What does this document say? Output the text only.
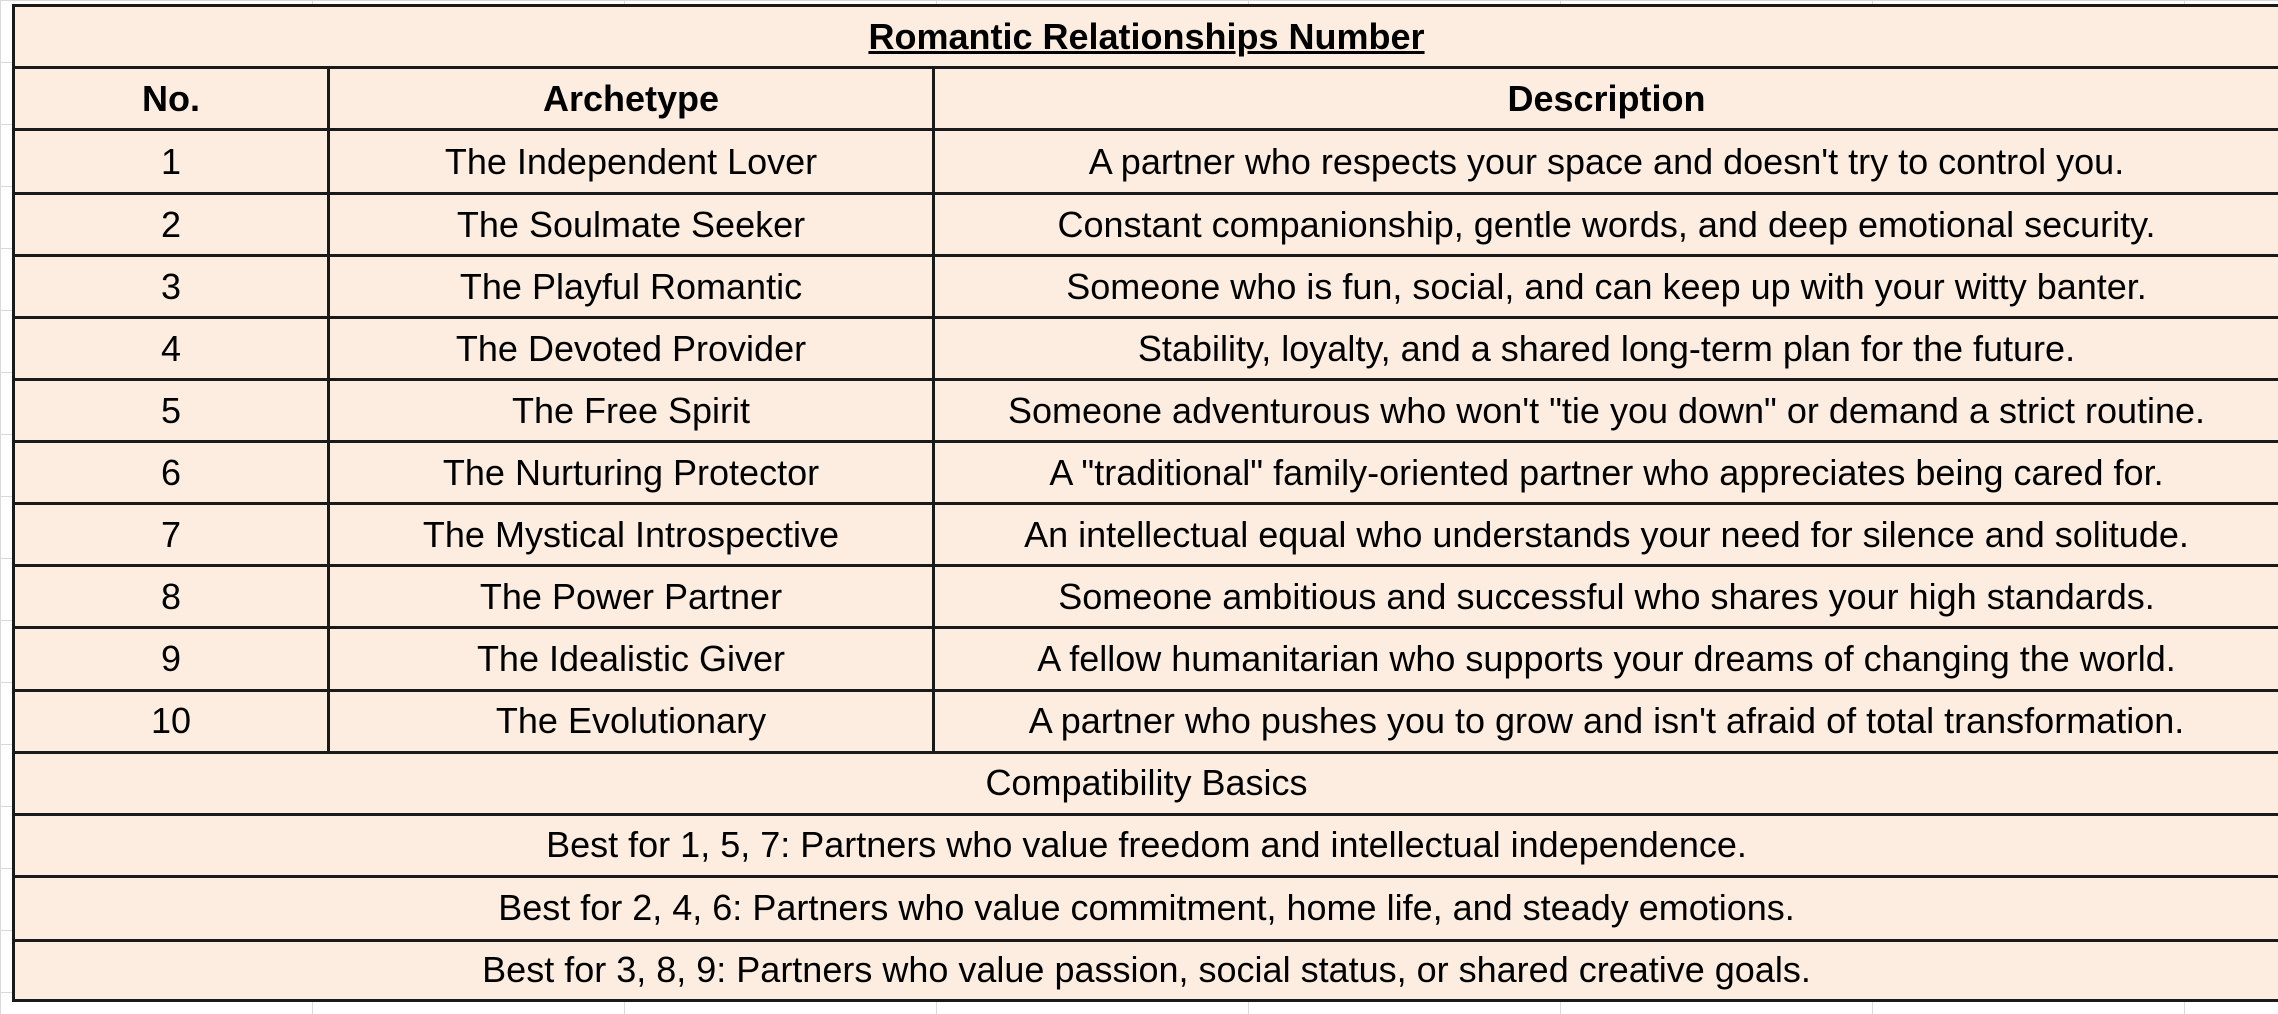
Romantic Relationships Number		
No.	Archetype	Description
1	The Independent Lover	A partner who respects your space and doesn't try to control you.
2	The Soulmate Seeker	Constant companionship, gentle words, and deep emotional security.
3	The Playful Romantic	Someone who is fun, social, and can keep up with your witty banter.
4	The Devoted Provider	Stability, loyalty, and a shared long-term plan for the future.
5	The Free Spirit	Someone adventurous who won't "tie you down" or demand a strict routine.
6	The Nurturing Protector	A "traditional" family-oriented partner who appreciates being cared for.
7	The Mystical Introspective	An intellectual equal who understands your need for silence and solitude.
8	The Power Partner	Someone ambitious and successful who shares your high standards.
9	The Idealistic Giver	A fellow humanitarian who supports your dreams of changing the world.
10	The Evolutionary	A partner who pushes you to grow and isn't afraid of total transformation.
Compatibility Basics		
Best for 1, 5, 7: Partners who value freedom and intellectual independence.		
Best for 2, 4, 6: Partners who value commitment, home life, and steady emotions.		
Best for 3, 8, 9: Partners who value passion, social status, or shared creative goals.		
